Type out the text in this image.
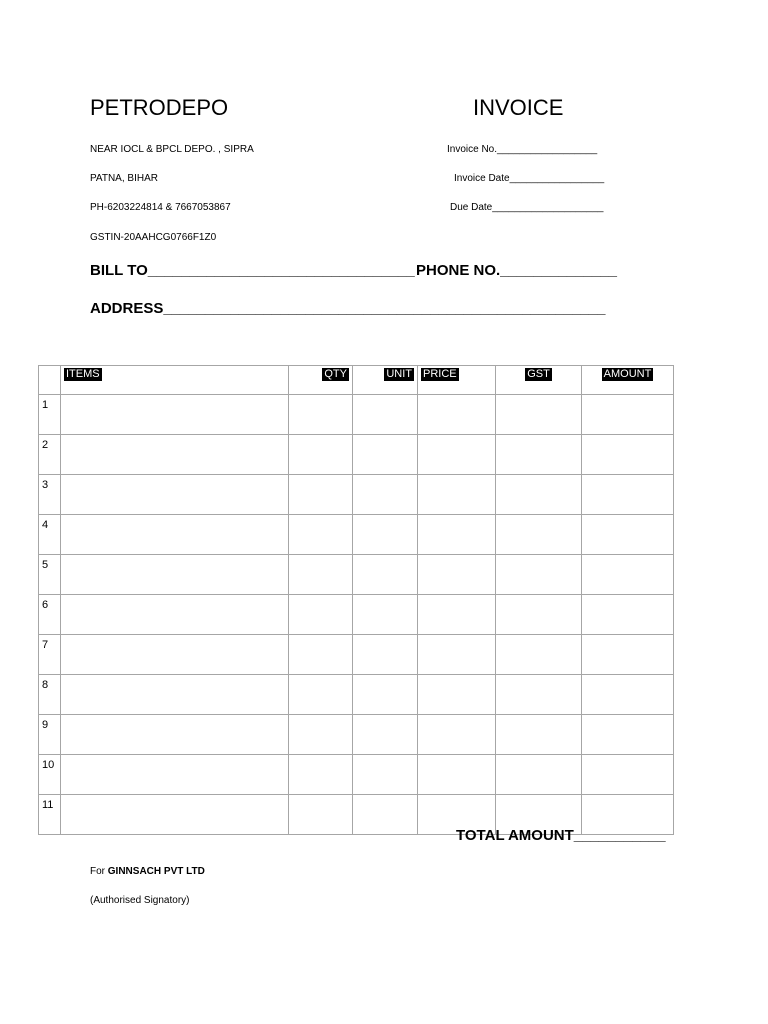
PETRODEPO	INVOICE
NEAR IOCL & BPCL DEPO. , SIPRA
PATNA, BIHAR
PH-6203224814 & 7667053867
GSTIN-20AAHCG0766F1Z0
Invoice No.__________________
Invoice Date_________________
Due Date____________________
BILL TO________________________________ PHONE NO.______________
ADDRESS_____________________________________________________
	ITEMS	QTY	UNIT	PRICE	GST	AMOUNT
1						
2						
3						
4						
5						
6						
7						
8						
9						
10						
11						
TOTAL AMOUNT___________
For GINNSACH PVT LTD
(Authorised Signatory)
